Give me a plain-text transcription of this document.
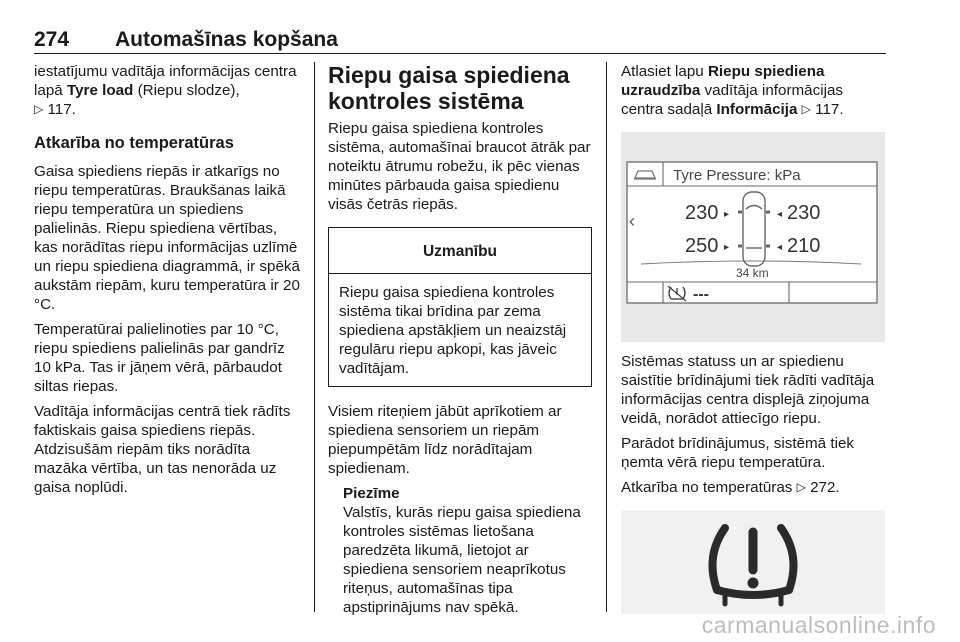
274 Automašīnas kopšana

iestatījumu vadītāja informācijas centra lapā Tyre load (Riepu slodze),
▷ 117.

Atkarība no temperatūras

Gaisa spiediens riepās ir atkarīgs no riepu temperatūras. Braukšanas laikā riepu temperatūra un spiediens palielinās. Riepu spiediena vērtības, kas norādītas riepu informācijas uzlīmē un riepu spiediena diagrammā, ir spēkā aukstām riepām, kuru temperatūra ir 20 °C.

Temperatūrai palielinoties par 10 °C, riepu spiediens palielinās par gandrīz 10 kPa. Tas ir jāņem vērā, pārbaudot siltas riepas.

Vadītāja informācijas centrā tiek rādīts faktiskais gaisa spiediens riepās. Atdzisušām riepām tiks norādīta mazāka vērtība, un tas nenorāda uz gaisa noplūdi.

Riepu gaisa spiediena kontroles sistēma

Riepu gaisa spiediena kontroles sistēma, automašīnai braucot ātrāk par noteiktu ātrumu robežu, ik pēc vienas minūtes pārbauda gaisa spiedienu visās četrās riepās.

Uzmanību
Riepu gaisa spiediena kontroles sistēma tikai brīdina par zema spiediena apstākļiem un neaizstāj regulāru riepu apkopi, kas jāveic vadītājam.

Visiem riteņiem jābūt aprīkotiem ar spiediena sensoriem un riepām piepumpētām līdz norādītajam spiedienam.

Piezīme
Valstīs, kurās riepu gaisa spiediena kontroles sistēmas lietošana paredzēta likumā, lietojot ar spiediena sensoriem neaprīkotus riteņus, automašīnas tipa apstiprinājums nav spēkā.

Atlasiet lapu Riepu spiediena uzraudzība vadītāja informācijas centra sadaļā Informācija ▷ 117.

‹
Tyre Pressure: kPa
230 ▸	◂ 230
250 ▸	◂ 210
34 km
---

Sistēmas statuss un ar spiedienu saistītie brīdinājumi tiek rādīti vadītāja informācijas centra displejā ziņojuma veidā, norādot attiecīgo riepu.

Parādot brīdinājumus, sistēmā tiek ņemta vērā riepu temperatūra.

Atkarība no temperatūras ▷ 272.

carmanualsonline.info
